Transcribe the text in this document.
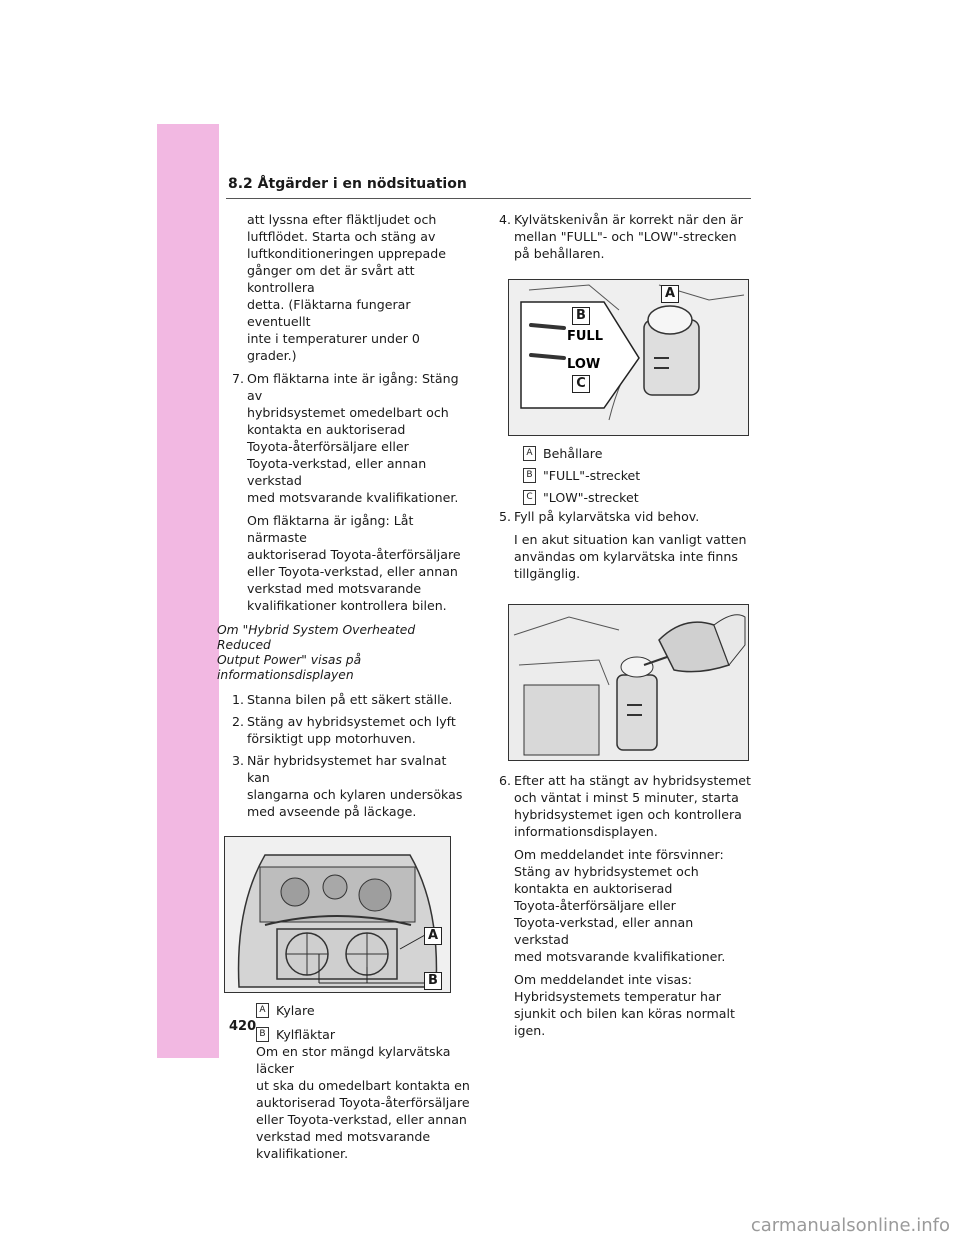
8.2 Åtgärder i en nödsituation

att lyssna efter fläktljudet och

luftflödet. Starta och stäng av

luftkonditioneringen upprepade

gånger om det är svårt att kontrollera

detta. (Fläktarna fungerar eventuellt

inte i temperaturer under 0 grader.)

7. Om fläktarna inte är igång: Stäng av

hybridsystemet omedelbart och

kontakta en auktoriserad

Toyota-återförsäljare eller

Toyota-verkstad, eller annan verkstad

med motsvarande kvalifikationer.

Om fläktarna är igång: Låt närmaste

auktoriserad Toyota-återförsäljare

eller Toyota-verkstad, eller annan

verkstad med motsvarande

kvalifikationer kontrollera bilen.

Om "Hybrid System Overheated Reduced

Output Power" visas på

informationsdisplayen

1. Stanna bilen på ett säkert ställe.

2. Stäng av hybridsystemet och lyft

försiktigt upp motorhuven.

3. När hybridsystemet har svalnat kan

slangarna och kylaren undersökas

med avseende på läckage.

A
B
A Kylare

B Kylfläktar

Om en stor mängd kylarvätska läcker

ut ska du omedelbart kontakta en

auktoriserad Toyota-återförsäljare

eller Toyota-verkstad, eller annan

verkstad med motsvarande

kvalifikationer.

4. Kylvätskenivån är korrekt när den är

mellan "FULL"- och "LOW"-strecken

på behållaren.

FULL
LOW
A
B
C
A Behållare

B "FULL"-strecket

C "LOW"-strecket

5. Fyll på kylarvätska vid behov.

I en akut situation kan vanligt vatten

användas om kylarvätska inte finns

tillgänglig.

6. Efter att ha stängt av hybridsystemet

och väntat i minst 5 minuter, starta

hybridsystemet igen och kontrollera

informationsdisplayen.

Om meddelandet inte försvinner:

Stäng av hybridsystemet och

kontakta en auktoriserad

Toyota-återförsäljare eller

Toyota-verkstad, eller annan verkstad

med motsvarande kvalifikationer.

Om meddelandet inte visas:

Hybridsystemets temperatur har

sjunkit och bilen kan köras normalt

igen.

420
carmanualsonline.info
